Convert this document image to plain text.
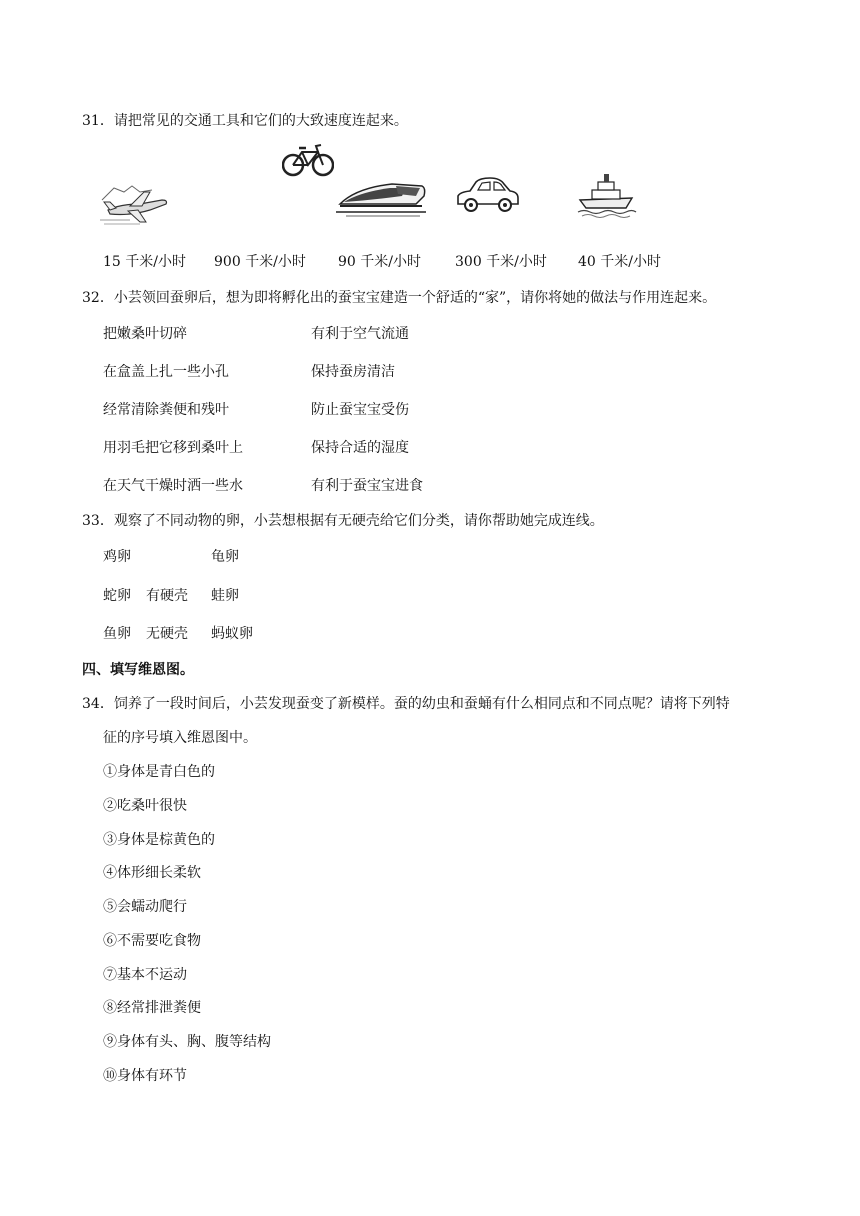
31．请把常见的交通工具和它们的大致速度连起来。
15 千米/小时 900 千米/小时 90 千米/小时 300 千米/小时 40 千米/小时
32．小芸领回蚕卵后，想为即将孵化出的蚕宝宝建造一个舒适的“家”，请你将她的做法与作用连起来。
把嫩桑叶切碎
在盒盖上扎一些小孔
经常清除粪便和残叶
用羽毛把它移到桑叶上
在天气干燥时洒一些水
有利于空气流通
保持蚕房清洁
防止蚕宝宝受伤
保持合适的湿度
有利于蚕宝宝进食
33．观察了不同动物的卵，小芸想根据有无硬壳给它们分类，请你帮助她完成连线。
鸡卵
蛇卵
鱼卵
有硬壳
无硬壳
龟卵
蛙卵
蚂蚁卵
四、填写维恩图。
34．饲养了一段时间后，小芸发现蚕变了新模样。蚕的幼虫和蚕蛹有什么相同点和不同点呢？请将下列特
征的序号填入维恩图中。
①身体是青白色的
②吃桑叶很快
③身体是棕黄色的
④体形细长柔软
⑤会蠕动爬行
⑥不需要吃食物
⑦基本不运动
⑧经常排泄粪便
⑨身体有头、胸、腹等结构
⑩身体有环节
